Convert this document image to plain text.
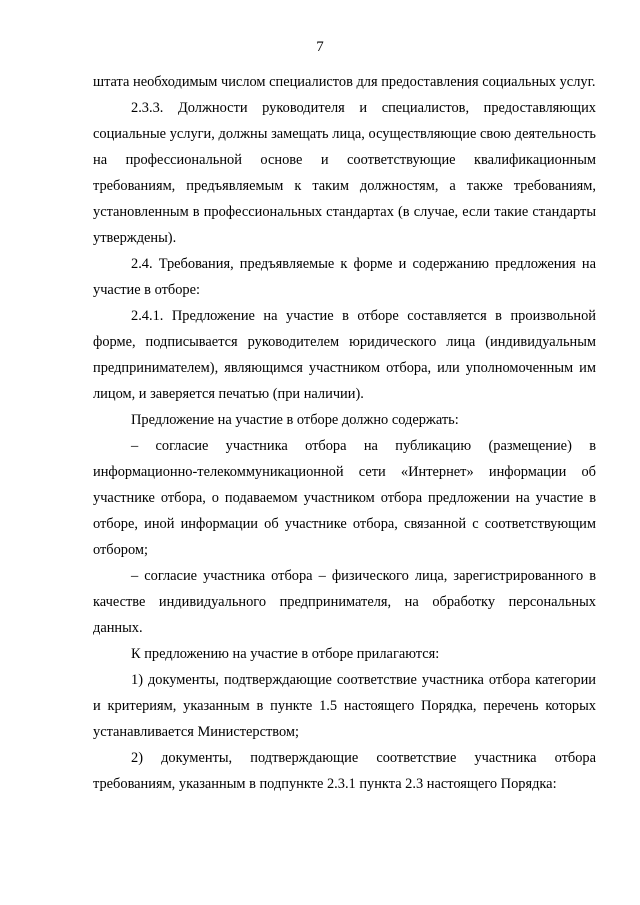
7

штата необходимым числом специалистов для предоставления социальных услуг.

2.3.3. Должности руководителя и специалистов, предоставляющих социальные услуги, должны замещать лица, осуществляющие свою деятельность на профессиональной основе и соответствующие квалификационным требованиям, предъявляемым к таким должностям, а также требованиям, установленным в профессиональных стандартах (в случае, если такие стандарты утверждены).

2.4. Требования, предъявляемые к форме и содержанию предложения на участие в отборе:

2.4.1. Предложение на участие в отборе составляется в произвольной форме, подписывается руководителем юридического лица (индивидуальным предпринимателем), являющимся участником отбора, или уполномоченным им лицом, и заверяется печатью (при наличии).

Предложение на участие в отборе должно содержать:

– согласие участника отбора на публикацию (размещение) в информационно-телекоммуникационной сети «Интернет» информации об участнике отбора, о подаваемом участником отбора предложении на участие в отборе, иной информации об участнике отбора, связанной с соответствующим отбором;

– согласие участника отбора – физического лица, зарегистрированного в качестве индивидуального предпринимателя, на обработку персональных данных.

К предложению на участие в отборе прилагаются:

1) документы, подтверждающие соответствие участника отбора категории и критериям, указанным в пункте 1.5 настоящего Порядка, перечень которых устанавливается Министерством;

2) документы, подтверждающие соответствие участника отбора требованиям, указанным в подпункте 2.3.1 пункта 2.3 настоящего Порядка:
